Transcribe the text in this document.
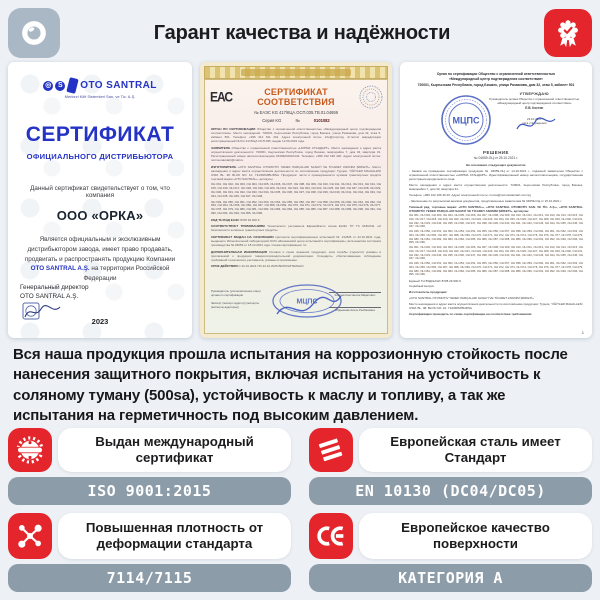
Гарант качества и надёжности
◎ S OTO SANTRAL
Merkezi Kilit Sistemleri San. ve Tic. A.Ş.
СЕРТИФИКАТ
ОФИЦИАЛЬНОГО ДИСТРИБЬЮТОРА
Данный сертификат свидетельствует о том, что компания
ООО «ОРКА»
Является официальным и эксклюзивным дистрибьютором завода, имеет право продавать, продвигать и распространять продукцию Компании OTO SANTRAL A.Ş. на территории Российской Федерации
Генеральный директор
OTO SANTRAL A.Ş.
2023
ЕАС	СЕРТИФИКАТ СООТВЕТСТВИЯ
№ ЕАЭС KG 417/КЦА.ОСП.035.ТВ.01.04659
Серия KG	№	0101082
ОРГАН ПО СЕРТИФИКАЦИИ Общество с ограниченной ответственностью «Международный центр подтверждения соответствия». Место нахождения: 720001, Кыргызская Республика, город Бишкек, улица Раззакова, дом 32, этаж 5, кабинет 501. Телефон: +996 312 611 244. Адрес электронной почты: info@mcps.kg. Аттестат аккредитации регистрационный № KG 417/КЦА.ОСП.035, выдан 12.09.2019 года.
ЗАЯВИТЕЛЬ Общество с ограниченной ответственностью «НОРМА СТАНДАРТ». Место нахождения и адрес места осуществления деятельности: 720001, Кыргызская Республика, город Бишкек, микрорайон 7, дом 43, квартира 31. Регистрационный номер налогоплательщика 01309201910142. Телефон: +996 312 196 420. Адрес электронной почты: norma.standart@mail.ru.
ИЗГОТОВИТЕЛЬ «OTO SANTRAL OTOMOTİV YEDEK PARÇALARI SANAYİ VE TİCARET ANONİM ŞİRKETİ». Место нахождения и адрес места осуществления деятельности по изготовлению продукции: Турция, YİĞİTLER MAHALLESİ OSM. BL. 38. BLOK NO: 10, YILDIRIM/BURSA. Продукция: части и принадлежности кузовов транспортных средств торговой марки «OTO SANTRAL», артикулы:
ОН 001, ОН 002, ОН 003, ОН 004, ОН 005, ОН 006, ОН 007, ОН 008, ОН 009, ОН 010, ОН 011, ОН 012, ОН 013, ОН 014, ОН 015, ОН 016, ОН 017, ОН 018, ОН 019, ОН 020, ОН 021, ОН 022, ОН 023, ОН 024, ОН 025, ОН 026, ОН 027, ОН 028, ОН 029, ОН 030, ОН 031, ОН 032, ОН 033, ОН 034, ОН 035, ОН 036, ОН 037, ОН 038, ОН 039, ОН 040, ОН 041, ОН 042, ОН 043, ОН 044, ОН 045, ОН 046, ОН 047, ОН 048,
ОН 049, ОН 050, ОН 051, ОН 052, ОН 053, ОН 054, ОН 055, ОН 056, ОН 057, ОН 058, ОН 059, ОН 060, ОН 061, ОН 062, ОН 063, ОН 064, ОН 065, ОН 066, ОН 067, ОН 068, ОН 069, ОН 070, ОН 071, ОН 072, ОН 073, ОН 074, ОН 075, ОН 076, ОН 077, ОН 078, ОН 079, ОН 080, ОН 081, ОН 082, ОН 083, ОН 084, ОН 085, ОН 086, ОН 087, ОН 088, ОН 089, ОН 090, ОН 091, ОН 092, ОН 093, ОН 094, ОН 095, ОН 096,
КОД ТН ВЭД ЕАЭС 8708 29 900 9
СООТВЕТСТВУЕТ ТРЕБОВАНИЯМ Технического регламента Евразийского союза ЕАЭС ТР ТС 018/2011 «О безопасности колёсных транспортных средств»
СЕРТИФИКАТ ВЫДАН НА ОСНОВАНИИ протокола сертификационных испытаний № 2128-В от 22.10.2021 года, выданного Испытательной лабораторией ООО «Бишкекский центр испытаний и сертификации»; акта анализа состояния производства № 04659 от 18.10.2021 года. Схема сертификации: 1с.
ДОПОЛНИТЕЛЬНАЯ ИНФОРМАЦИЯ Условия и сроки хранения продукции, срок службы (годности) указаны в прилагаемой к продукции товаросопроводительной документации. Стандарты, обеспечивающие соблюдение требований технического регламента, указаны в приложении.
СРОК ДЕЙСТВИЯ С 23.10.2021 ПО 22.10.2026 ВКЛЮЧИТЕЛЬНО
Руководитель (уполномоченное лицо) органа по сертификации
Эксперт (эксперт-аудитор) (эксперты (эксперты-аудиторы))
МЦПС
Кошоев Константин Маратович
Абдыкеева Асель Рысбековна
Орган по сертификации Общество с ограниченной ответственностью
«Международный центр подтверждения соответствия»
720001, Кыргызская Республика, город Бишкек, улица Раззакова, дом 32, этаж 5, кабинет 501
УТВЕРЖДАЮ
Руководитель органа Общество с ограниченной ответственностью «Международный центр подтверждения соответствия»
Е.В. Костин
23.10.2021
дата утверждения
МЦПС
РЕШЕНИЕ
№ 04659-ОЦ от 25.10.2021 г.
На основании следующих документов:
- Заявка на проведение сертификации продукции № 04659-ОЦ от 14.10.2021 г., поданной заявителем Общество с ограниченной ответственностью «НОРМА СТАНДАРТ». Идентификационный номер налогоплательщика, государственная регистрация юридического лица.
Место нахождения и адрес места осуществления деятельности: 720001, Кыргызская Республика, город Бишкек, микрорайон 7, дом 43, квартира 31.
Телефон: +996 312 196 49 20. Адрес электронной почты: norma@normastandart.com.kg
- Заключение по результатам анализа документов, представленных заявителем № 04659-ОЦ от 15.10.2021 г.
Типовый ряд, торговые марки: «OTO SANTRAL», «OTO SANTRAL OTOMOTİV SAN. VE TİC. A.Ş.», «OTO SANTRAL OTOMOTİV YEDEK PARÇALARI SANAYİ VE TİCARET ANONİM ŞİRKETİ», артикулы:
ОН 001, ОН 002, ОН 003, ОН 004, ОН 005, ОН 006, ОН 007, ОН 008, ОН 009, ОН 010, ОН 011, ОН 012, ОН 013, ОН 014, ОН 015, ОН 016, ОН 017, ОН 018, ОН 019, ОН 020, ОН 021, ОН 022, ОН 023, ОН 024, ОН 025, ОН 026, ОН 027, ОН 028, ОН 029, ОН 030, ОН 031, ОН 032, ОН 033, ОН 034, ОН 035, ОН 036, ОН 037, ОН 038, ОН 039, ОН 040, ОН 041, ОН 042, ОН 043, ОН 044, ОН 045, ОН 046, ОН 047, ОН 048,
ОН 049, ОН 050, ОН 051, ОН 052, ОН 053, ОН 054, ОН 055, ОН 056, ОН 057, ОН 058, ОН 059, ОН 060, ОН 061, ОН 062, ОН 063, ОН 064, ОН 065, ОН 066, ОН 067, ОН 068, ОН 069, ОН 070, ОН 071, ОН 072, ОН 073, ОН 074, ОН 075, ОН 076, ОН 077, ОН 078, ОН 079, ОН 080, ОН 081, ОН 082, ОН 083, ОН 084, ОН 085, ОН 086, ОН 087, ОН 088, ОН 089, ОН 090, ОН 091, ОН 092, ОН 093, ОН 094, ОН 095, ОН 096,
ОН 001, ОН 002, ОН 003, ОН 004, ОН 005, ОН 006, ОН 007, ОН 008, ОН 009, ОН 010, ОН 011, ОН 012, ОН 013, ОН 014, ОН 015, ОН 016, ОН 017, ОН 018, ОН 019, ОН 020, ОН 021, ОН 022, ОН 023, ОН 024, ОН 025, ОН 026, ОН 027, ОН 028, ОН 029, ОН 030, ОН 031, ОН 032, ОН 033, ОН 034, ОН 035, ОН 036, ОН 037, ОН 038, ОН 039, ОН 040, ОН 041, ОН 042, ОН 043, ОН 044, ОН 045, ОН 046, ОН 047, ОН 048,
ОН 049, ОН 050, ОН 051, ОН 052, ОН 053, ОН 054, ОН 055, ОН 056, ОН 057, ОН 058, ОН 059, ОН 060, ОН 061, ОН 062, ОН 063, ОН 064, ОН 065, ОН 066, ОН 067, ОН 068, ОН 069, ОН 070, ОН 071, ОН 072, ОН 073, ОН 074, ОН 075, ОН 076, ОН 077, ОН 078, ОН 079, ОН 080, ОН 081, ОН 082, ОН 083, ОН 084, ОН 085, ОН 086, ОН 087, ОН 088, ОН 089, ОН 090, ОН 091, ОН 092, ОН 093, ОН 094, ОН 095, ОН 096,
Единый ТН ВЭД ЕАЭС 8708 29 900 9
Серийный выпуск.
Изготовитель продукции:
«OTO SANTRAL OTOMOTİV YEDEK PARÇALARI SANAYİ VE TİCARET ANONİM ŞİRKETİ»
Место нахождения и адрес места осуществления деятельности по изготовлению продукции: Турция, YİĞİTLER MAHALLESİ OSM. BL. 38. BLOK NO: 10, YILDIRIM/BURSA
Сертификацию проводить по схеме сертификации на соответствие требованиям:
1
Вся наша продукция прошла испытания на коррозионную стойкость после нанесения защитного покрытия, включая испытания на устойчивость к соляному туману (500sa), устойчивость к маслу и топливу, а так же испытания на герметичность под высоким давлением.
Выдан международный сертификат
ISO 9001:2015
Повышенная плотность от деформации стандарта
7114/7115
Европейская сталь имеет Стандарт
EN 10130 (DC04/DC05)
Европейское качество поверхности
КАТЕГОРИЯ A
